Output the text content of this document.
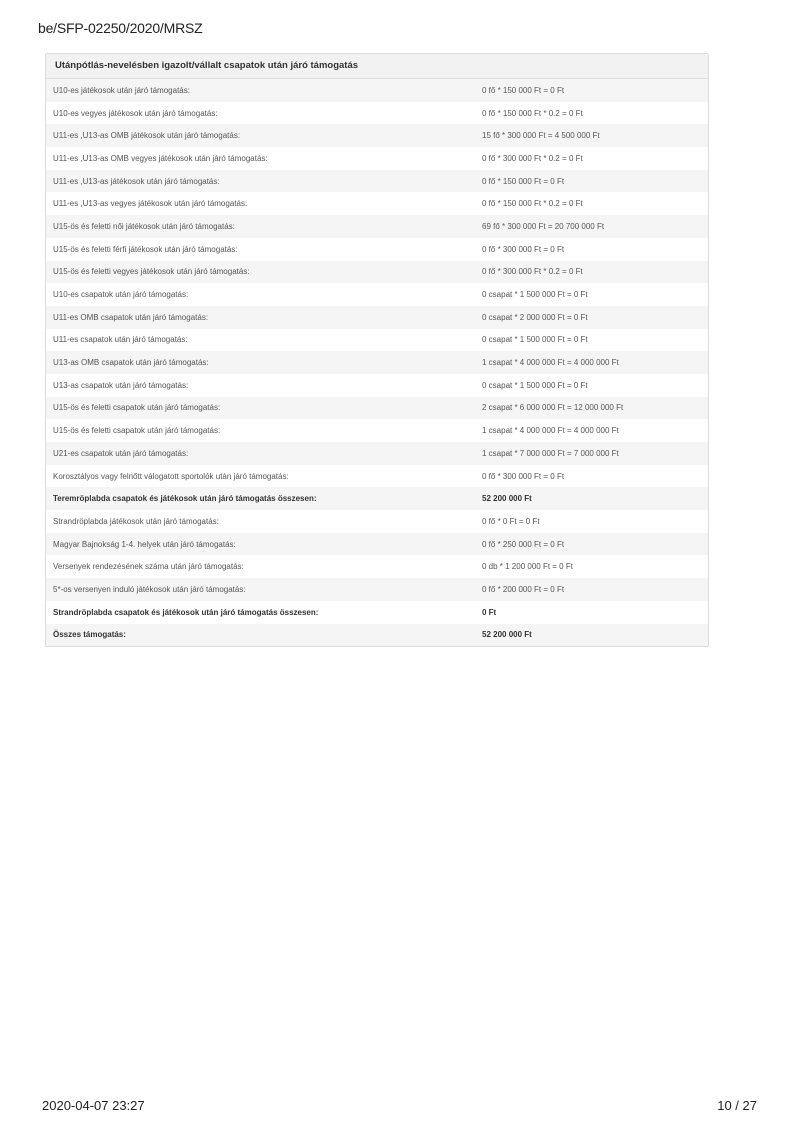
be/SFP-02250/2020/MRSZ
Utánpótlás-nevelésben igazolt/vállalt csapatok után járó támogatás
U10-es játékosok után járó támogatás:	0 fő * 150 000 Ft = 0 Ft
U10-es vegyes játékosok után járó támogatás:	0 fő * 150 000 Ft * 0.2 = 0 Ft
U11-es ,U13-as OMB játékosok után járó támogatás:	15 fő * 300 000 Ft = 4 500 000 Ft
U11-es ,U13-as OMB vegyes játékosok után járó támogatás:	0 fő * 300 000 Ft * 0.2 = 0 Ft
U11-es ,U13-as játékosok után járó támogatás:	0 fő * 150 000 Ft = 0 Ft
U11-es ,U13-as vegyes játékosok után járó támogatás:	0 fő * 150 000 Ft * 0.2 = 0 Ft
U15-ös és feletti női játékosok után járó támogatás:	69 fő * 300 000 Ft = 20 700 000 Ft
U15-ös és feletti férfi játékosok után járó támogatás:	0 fő * 300 000 Ft = 0 Ft
U15-ös és feletti vegyes játékosok után járó támogatás:	0 fő * 300 000 Ft * 0.2 = 0 Ft
U10-es csapatok után járó támogatás:	0 csapat * 1 500 000 Ft = 0 Ft
U11-es OMB csapatok után járó támogatás:	0 csapat * 2 000 000 Ft = 0 Ft
U11-es csapatok után járó támogatás:	0 csapat * 1 500 000 Ft = 0 Ft
U13-as OMB csapatok után járó támogatás:	1 csapat * 4 000 000 Ft = 4 000 000 Ft
U13-as csapatok után járó támogatás:	0 csapat * 1 500 000 Ft = 0 Ft
U15-ös és feletti csapatok után járó támogatás:	2 csapat * 6 000 000 Ft = 12 000 000 Ft
U15-ös és feletti csapatok után járó támogatás:	1 csapat * 4 000 000 Ft = 4 000 000 Ft
U21-es csapatok után járó támogatás:	1 csapat * 7 000 000 Ft = 7 000 000 Ft
Korosztályos vagy felnőtt válogatott sportolók után járó támogatás:	0 fő * 300 000 Ft = 0 Ft
Teremröplabda csapatok és játékosok után járó támogatás összesen:	52 200 000 Ft
Strandröplabda játékosok után járó támogatás:	0 fő * 0 Ft = 0 Ft
Magyar Bajnokság 1-4. helyek után járó támogatás:	0 fő * 250 000 Ft = 0 Ft
Versenyek rendezésének száma után járó támogatás:	0 db * 1 200 000 Ft = 0 Ft
5*-os versenyen induló játékosok után járó támogatás:	0 fő * 200 000 Ft = 0 Ft
Strandröplabda csapatok és játékosok után járó támogatás összesen:	0 Ft
Összes támogatás:	52 200 000 Ft
2020-04-07 23:27	10 / 27
